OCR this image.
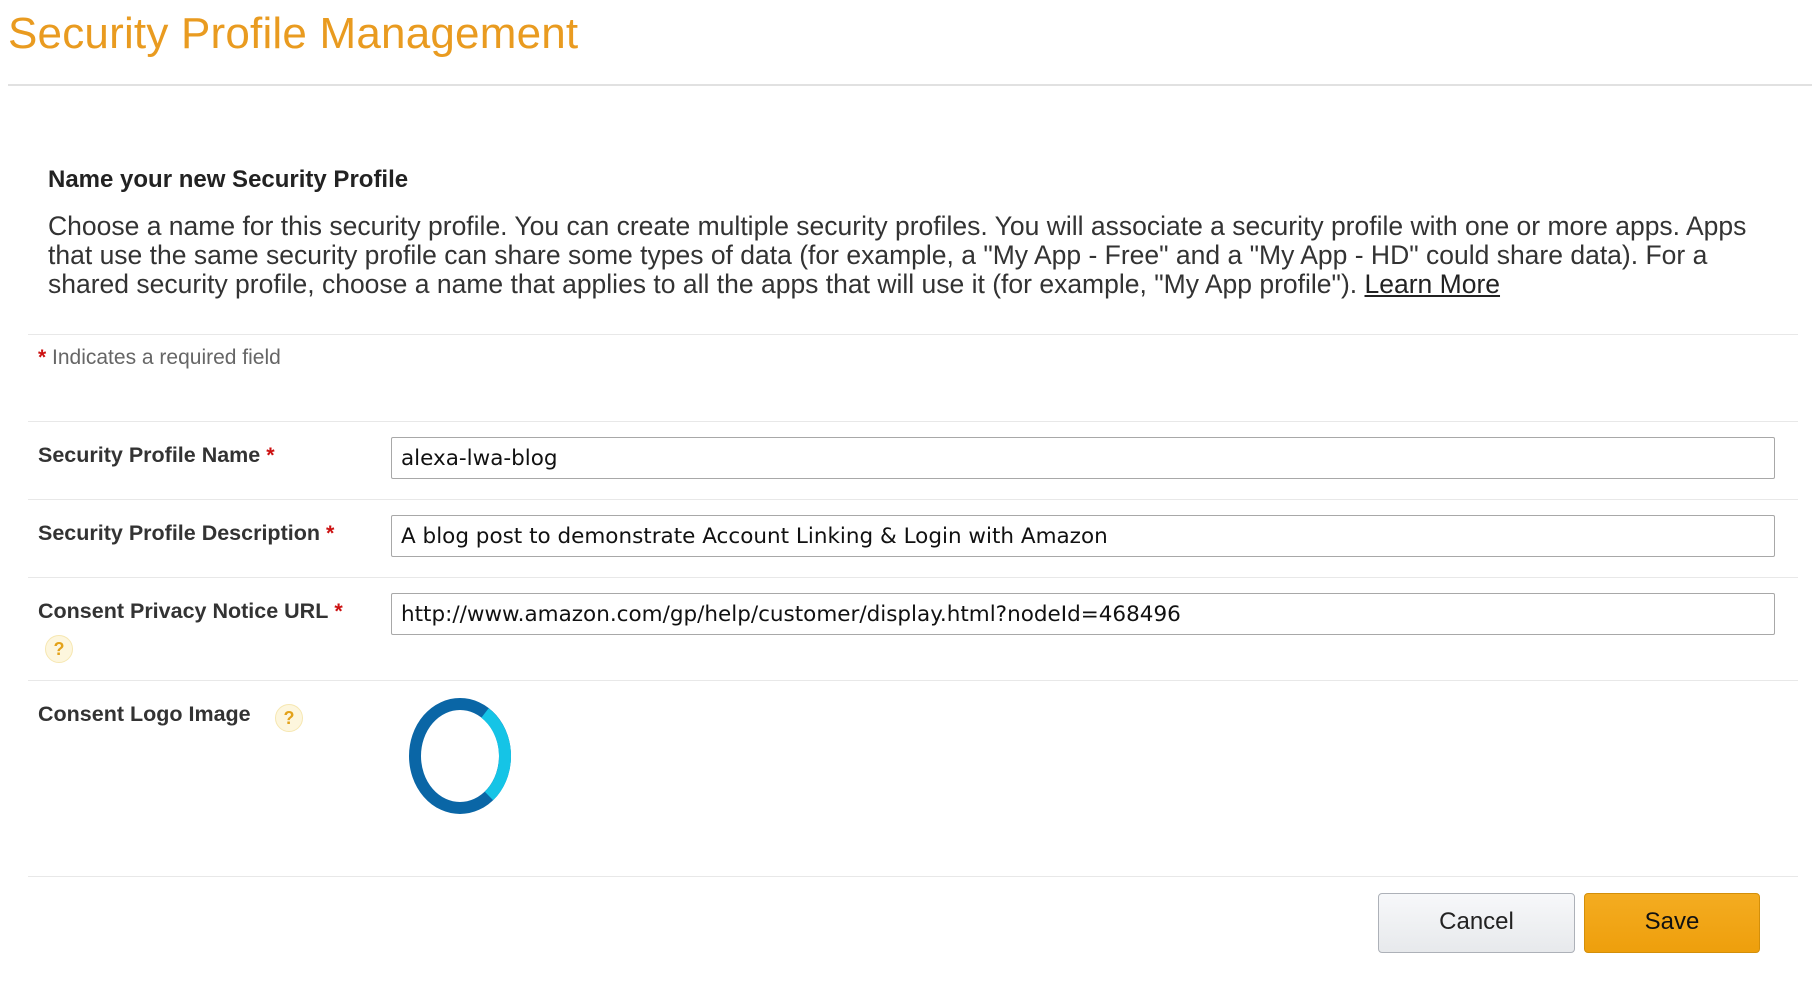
Security Profile Management
Name your new Security Profile

Choose a name for this security profile. You can create multiple security profiles. You will associate a security profile with one or more apps. Apps that use the same security profile can share some types of data (for example, a "My App - Free" and a "My App - HD" could share data). For a shared security profile, choose a name that applies to all the apps that will use it (for example, "My App profile"). Learn More

* Indicates a required field
Security Profile Name *
alexa-lwa-blog
Security Profile Description *
A blog post to demonstrate Account Linking & Login with Amazon
Consent Privacy Notice URL *
?
http://www.amazon.com/gp/help/customer/display.html?nodeId=468496
Consent Logo Image	?
Cancel	Save
